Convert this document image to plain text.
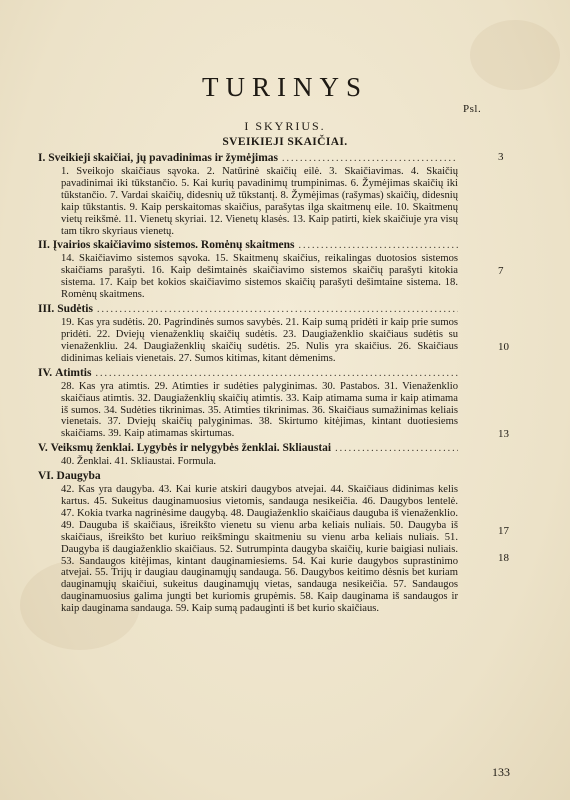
TURINYS
Psl.
I SKYRIUS.
SVEIKIEJI SKAIČIAI.
I.
Sveikieji skaičiai, jų pavadinimas ir žymėjimas
.....
1. Sveikojo skaičiaus sąvoka. 2. Natūrinė skaičių eilė. 3. Skaičiavimas. 4. Skaičių pavadinimai iki tūkstančio. 5. Kai kurių pavadinimų trumpinimas. 6. Žymėjimas skaičių iki tūkstančio. 7. Vardai skaičių, didesnių už tūkstantį. 8. Žymėjimas (rašymas) skaičių, didesnių kaip tūkstantis. 9. Kaip perskaitomas skaičius, parašytas ilga skaitmenų eile. 10. Skaitmenų vietų reikšmė. 11. Vienetų skyriai. 12. Vienetų klasės. 13. Kaip patirti, kiek skaičiuje yra visų tam tikro skyriaus vienetų.
II.
Įvairios skaičiavimo sistemos. Romėnų skaitmens
.....
14. Skaičiavimo sistemos sąvoka. 15. Skaitmenų skaičius, reikalingas duotosios sistemos skaičiams parašyti. 16. Kaip dešimtainės skaičiavimo sistemos skaičių parašyti kitokia sistema. 17. Kaip bet kokios skaičiavimo sistemos skaičių parašyti dešimtaine sistema. 18. Romėnų skaitmens.
III.
Sudėtis
.....
19. Kas yra sudėtis. 20. Pagrindinės sumos savybės. 21. Kaip sumą pridėti ir kaip prie sumos pridėti. 22. Dviejų vienaženklių skaičių sudėtis. 23. Daugiaženklio skaičiaus sudėtis su vienaženkliu. 24. Daugiaženklių skaičių sudėtis. 25. Nulis yra skaičius. 26. Skaičiaus didinimas keliais vienetais. 27. Sumos kitimas, kitant dėmenims.
IV.
Atimtis
.....
28. Kas yra atimtis. 29. Atimties ir sudėties palyginimas. 30. Pastabos. 31. Vienaženklio skaičiaus atimtis. 32. Daugiaženklių skaičių atimtis. 33. Kaip atimama suma ir kaip atimama iš sumos. 34. Sudėties tikrinimas. 35. Atimties tikrinimas. 36. Skaičiaus sumažinimas keliais vienetais. 37. Dviejų skaičių palyginimas. 38. Skirtumo kitėjimas, kintant duotiesiems skaičiams. 39. Kaip atimamas skirtumas.
V.
Veiksmų ženklai. Lygybės ir nelygybės ženklai. Skliaustai
.....
40. Ženklai. 41. Skliaustai. Formula.
VI.
Daugyba
42. Kas yra daugyba. 43. Kai kurie atskiri daugybos atvejai. 44. Skaičiaus didinimas kelis kartus. 45. Sukeitus dauginamuosius vietomis, sandauga nesikeičia. 46. Daugybos lentelė. 47. Kokia tvarka nagrinėsime daugybą. 48. Daugiaženklio skaičiaus dauguba iš vienaženklio. 49. Dauguba iš skaičiaus, išreikšto vienetu su vienu arba keliais nuliais. 50. Daugyba iš skaičiaus, išreikšto bet kuriuo reikšmingu skaitmeniu su vienu arba keliais nuliais. 51. Daugyba iš daugiaženklio skaičiaus. 52. Sutrumpinta daugyba skaičių, kurie baigiasi nuliais. 53. Sandaugos kitėjimas, kintant dauginamiesiems. 54. Kai kurie daugybos suprastinimo atvejai. 55. Trijų ir daugiau dauginamųjų sandauga. 56. Daugybos keitimo dėsnis bet kuriam dauginamųjų skaičiui, sukeitus dauginamųjų vietas, sandauga nesikeičia. 57. Sandaugos dauginamuosius galima jungti bet kuriomis grupėmis. 58. Kaip dauginama iš sandaugos ir kaip dauginama sandauga. 59. Kaip sumą padauginti iš bet kurio skaičiaus.
3
7
10
13
17
18
133
